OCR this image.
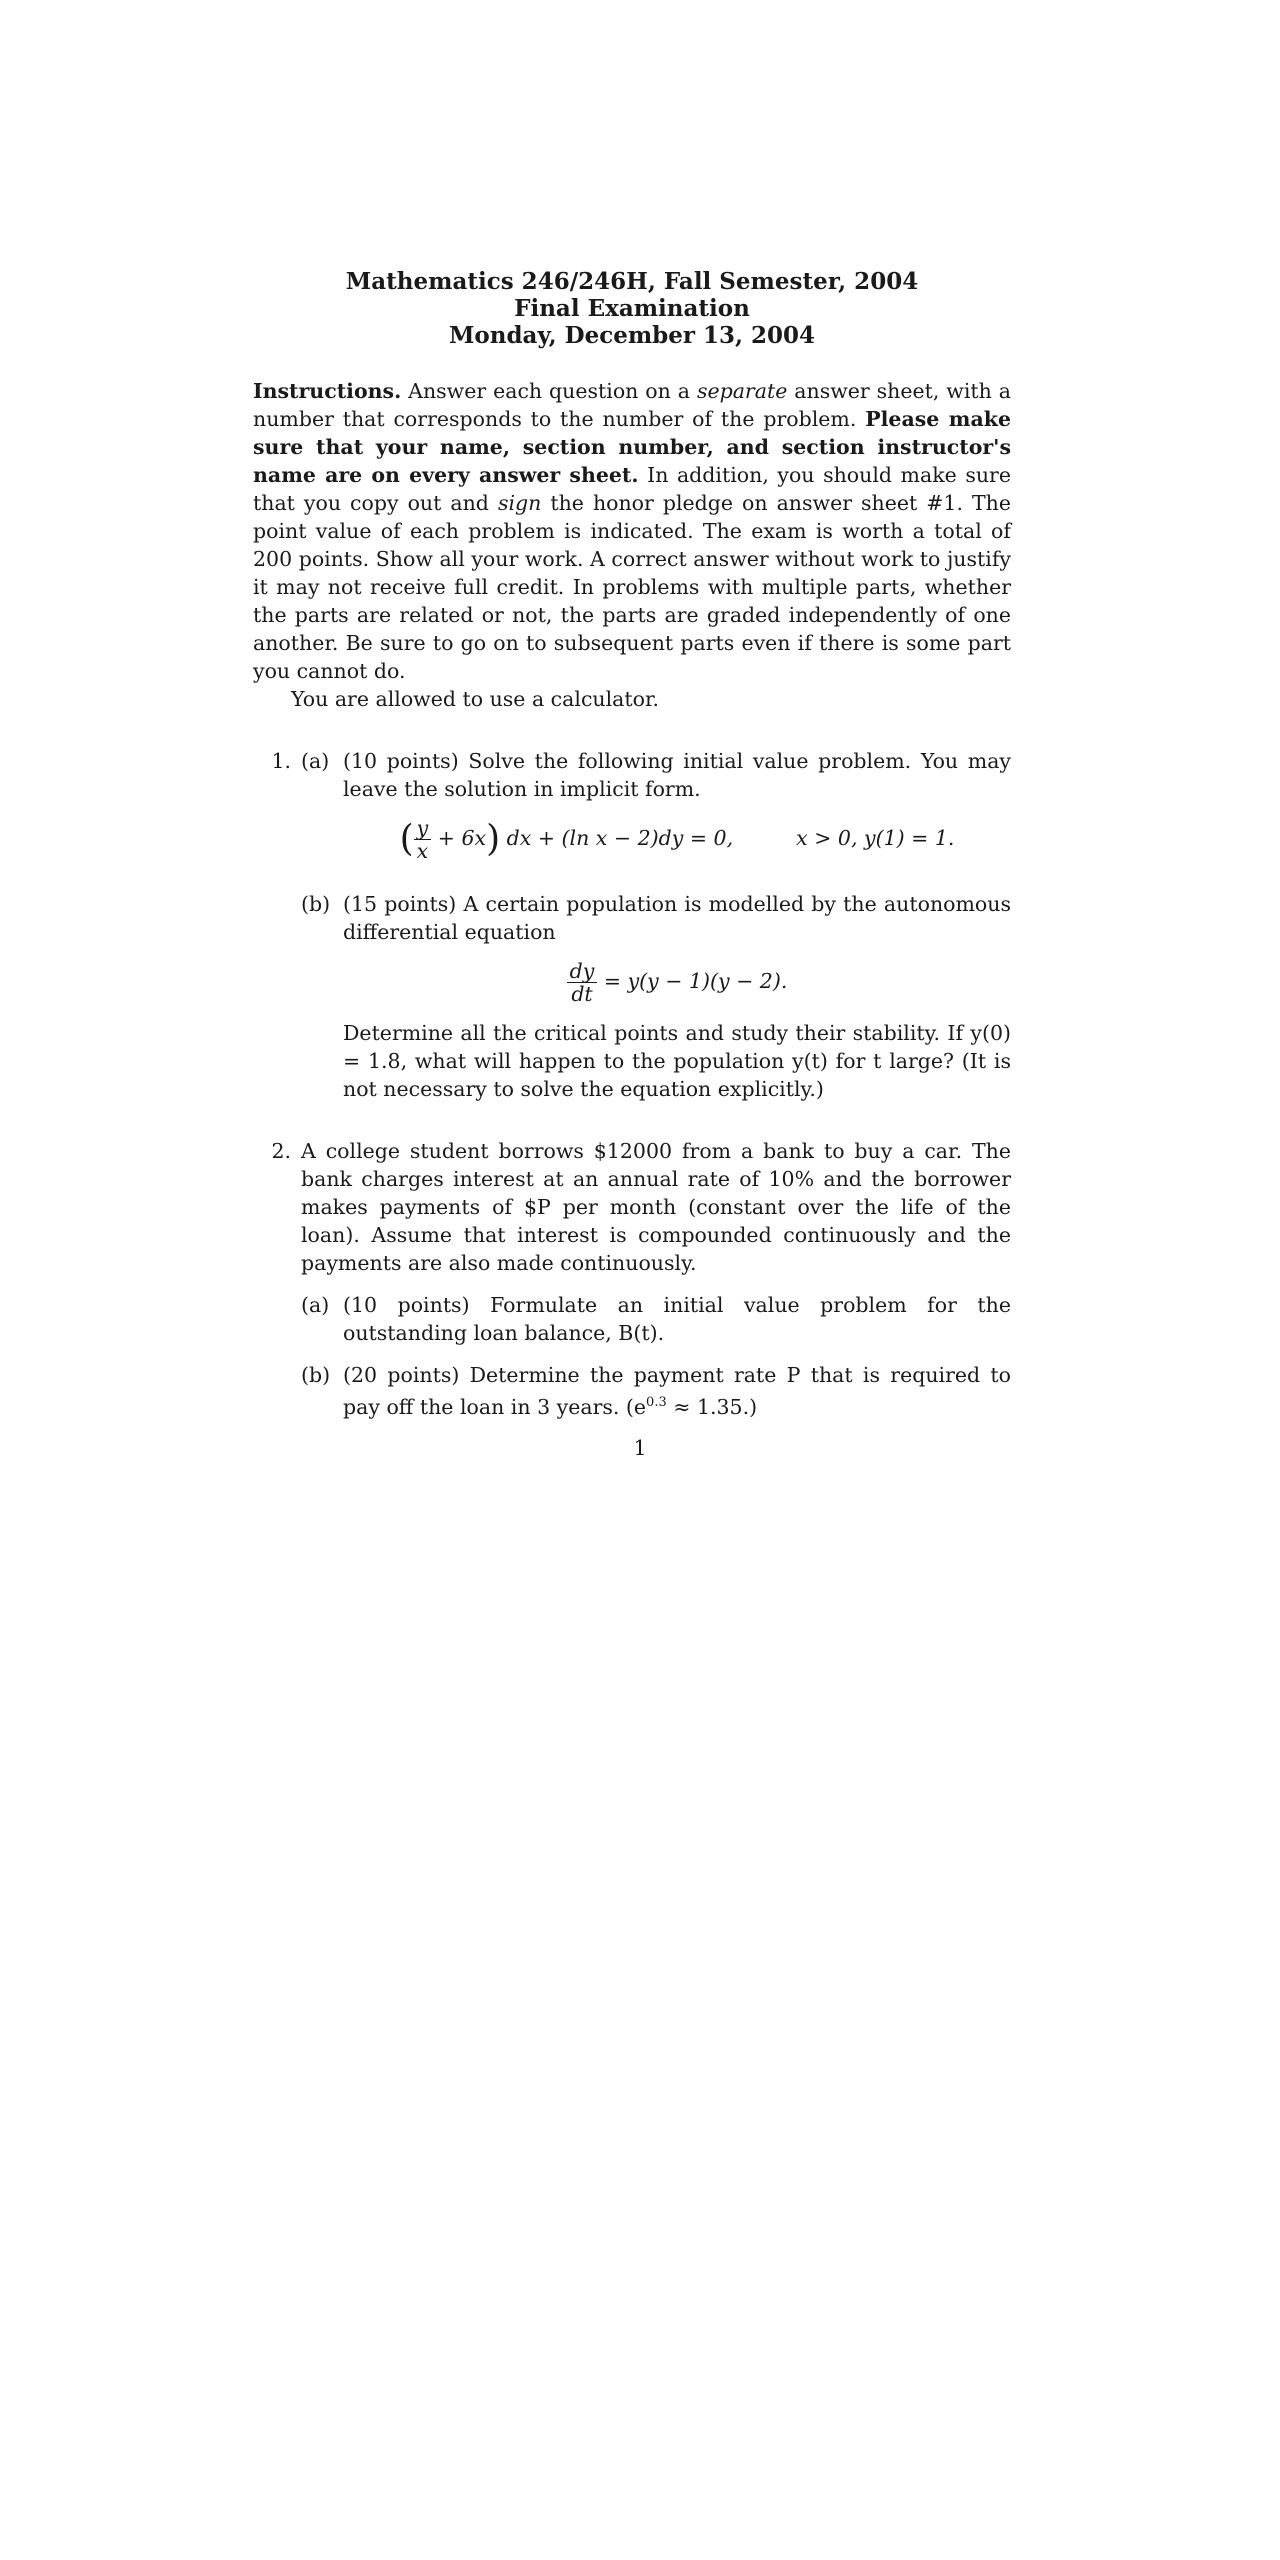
Mathematics 246/246H, Fall Semester, 2004
Final Examination
Monday, December 13, 2004

Instructions. Answer each question on a separate answer sheet, with a number that corresponds to the number of the problem. Please make sure that your name, section number, and section instructor's name are on every answer sheet. In addition, you should make sure that you copy out and sign the honor pledge on answer sheet #1. The point value of each problem is indicated. The exam is worth a total of 200 points. Show all your work. A correct answer without work to justify it may not receive full credit. In problems with multiple parts, whether the parts are related or not, the parts are graded independently of one another. Be sure to go on to subsequent parts even if there is some part you cannot do.

You are allowed to use a calculator.

1. (a) (10 points) Solve the following initial value problem. You may leave the solution in implicit form.

( $\frac{y}{x} + 6x$) dx + (ln x − 2)dy = 0,	x > 0, y(1) = 1.
(b) (15 points) A certain population is modelled by the autonomous differential equation

$\frac{dy}{dt} = y(y - 1)(y - 2)$.

Determine all the critical points and study their stability. If y(0) = 1.8, what will happen to the population y(t) for t large? (It is not necessary to solve the equation explicitly.)

2. A college student borrows $12000 from a bank to buy a car. The bank charges interest at an annual rate of 10% and the borrower makes payments of $P per month (constant over the life of the loan). Assume that interest is compounded continuously and the payments are also made continuously.

(a) (10 points) Formulate an initial value problem for the outstanding loan balance, B(t).

(b) (20 points) Determine the payment rate P that is required to pay off the loan in 3 years. $(e^{0.3} \approx 1.35.)$

1
